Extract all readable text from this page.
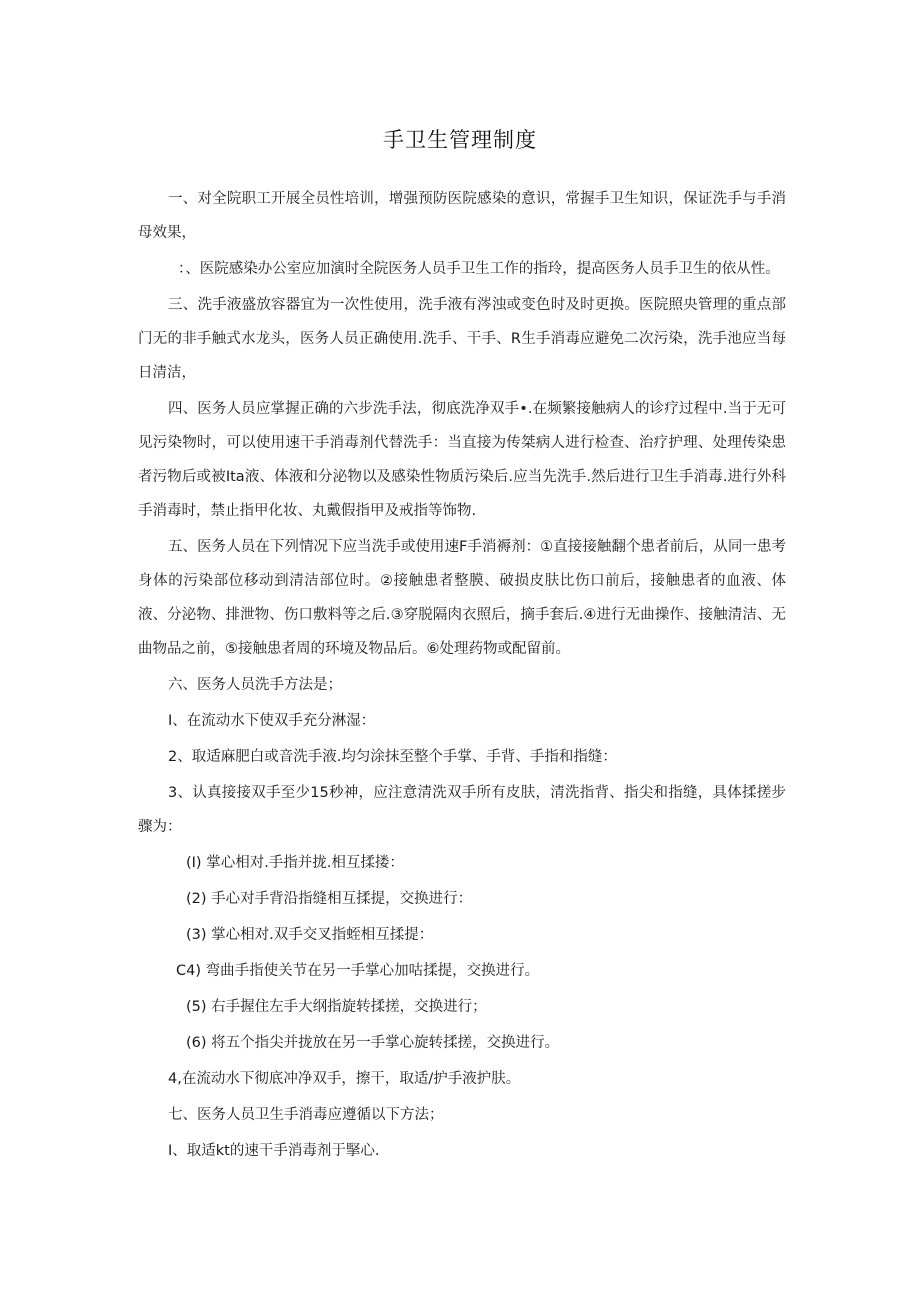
手卫生管理制度

一、对全院职工开展全员性培训，增强预防医院感染的意识，常握手卫生知识，保证洗手与手消母效果，

：、医院感染办公室应加演时全院医务人员手卫生工作的指玲，提高医务人员手卫生的依从性。

三、洗手液盛放容器宜为一次性使用，洗手液有涔浊或变色时及时更换。医院照央管理的重点部门无的非手触式水龙头，医务人员正确使用.洗手、干手、R生手消毒应避免二次污染，洗手池应当每日清洁，

四、医务人员应掌握正确的六步洗手法，彻底洗净双手•.在频繁接触病人的诊疗过程中.当于无可见污染物时，可以使用速干手消毒剂代替洗手：当直接为传桀病人进行检查、治疗护理、处理传染患者污物后或被Ita液、体液和分泌物以及感染性物质污染后.应当先洗手.然后进行卫生手消毒.进行外科手消毒时，禁止指甲化妆、丸戴假指甲及戒指等饰物.

五、医务人员在下列情况下应当洗手或使用速F手消褥剂：①直接接触翻个患者前后，从同一患考身体的污染部位移动到清洁部位时。②接触患者整膜、破损皮肤比伤口前后，接触患者的血液、体液、分泌物、排泄物、伤口敷料等之后.③穿脱隔肉衣照后，摘手套后.④进行无曲操作、接触清洁、无曲物品之前，⑤接触患者周的环境及物品后。⑥处理药物或配留前。

六、医务人员洗手方法是；

I、在流动水下使双手充分淋湿：

2、取适麻肥白或音洗手液.均匀涂抹至整个手掌、手背、手指和指缝：

3、认真接接双手至少15秒神，应注意清洗双手所有皮肤，清洗指背、指尖和指缝，具体揉搓步骤为：

(I) 掌心相对.手指并拢.相互揉搂：

(2) 手心对手背沿指缝相互揉提，交换进行：

(3) 掌心相对.双手交叉指蛭相互揉提：

C4) 弯曲手指使关节在另一手掌心加咕揉提，交换进行。

(5) 右手握住左手大纲指旋转揉搓，交换进行；

(6) 将五个指尖并拢放在另一手掌心旋转揉搓，交换进行。

4,在流动水下彻底冲净双手，擦干，取适/护手液护肤。

七、医务人员卫生手消毒应遵循以下方法；

I、取适kt的速干手消毒剂于掔心.
